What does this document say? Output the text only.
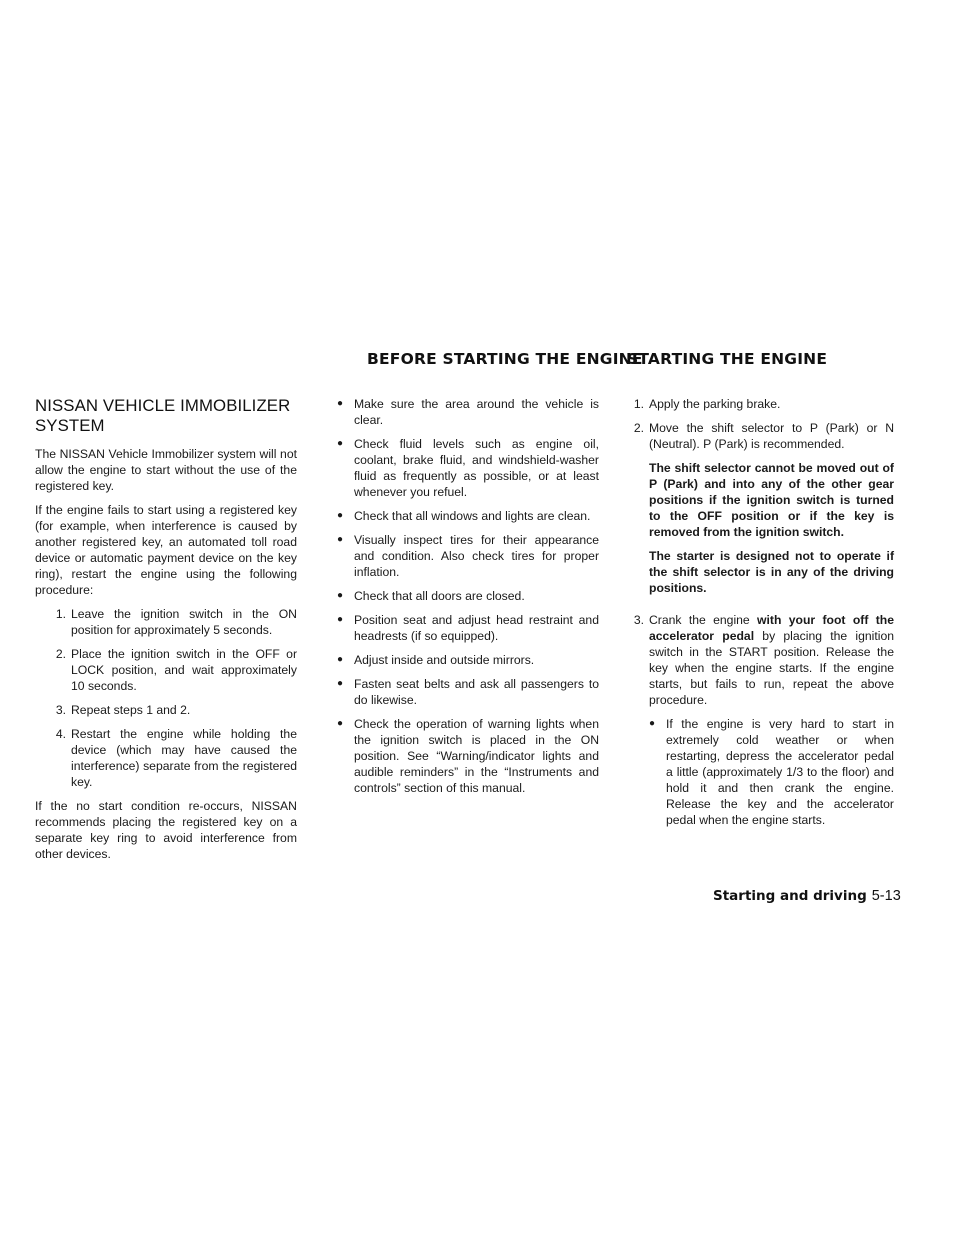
BEFORE STARTING THE ENGINE
STARTING THE ENGINE
NISSAN VEHICLE IMMOBILIZER
SYSTEM

The NISSAN Vehicle Immobilizer system will not allow the engine to start without the use of the registered key.

If the engine fails to start using a registered key (for example, when interference is caused by another registered key, an automated toll road device or automatic payment device on the key ring), restart the engine using the following procedure:

1. Leave the ignition switch in the ON position for approximately 5 seconds.
2. Place the ignition switch in the OFF or LOCK position, and wait approximately 10 seconds.
3. Repeat steps 1 and 2.
4. Restart the engine while holding the device (which may have caused the interference) separate from the registered key.

If the no start condition re-occurs, NISSAN recommends placing the registered key on a separate key ring to avoid interference from other devices.

● Make sure the area around the vehicle is clear.
● Check fluid levels such as engine oil, coolant, brake fluid, and windshield-washer fluid as frequently as possible, or at least whenever you refuel.
● Check that all windows and lights are clean.
● Visually inspect tires for their appearance and condition. Also check tires for proper inflation.
● Check that all doors are closed.
● Position seat and adjust head restraint and headrests (if so equipped).
● Adjust inside and outside mirrors.
● Fasten seat belts and ask all passengers to do likewise.
● Check the operation of warning lights when the ignition switch is placed in the ON position. See “Warning/indicator lights and audible reminders” in the “Instruments and controls” section of this manual.
1. Apply the parking brake.
2. Move the shift selector to P (Park) or N (Neutral). P (Park) is recommended.

The shift selector cannot be moved out of P (Park) and into any of the other gear positions if the ignition switch is turned to the OFF position or if the key is removed from the ignition switch.

The starter is designed not to operate if the shift selector is in any of the driving positions.

3. Crank the engine with your foot off the accelerator pedal by placing the ignition switch in the START position. Release the key when the engine starts. If the engine starts, but fails to run, repeat the above procedure.

● If the engine is very hard to start in extremely cold weather or when restarting, depress the accelerator pedal a little (approximately 1/3 to the floor) and hold it and then crank the engine. Release the key and the accelerator pedal when the engine starts.
Starting and driving 5-13
